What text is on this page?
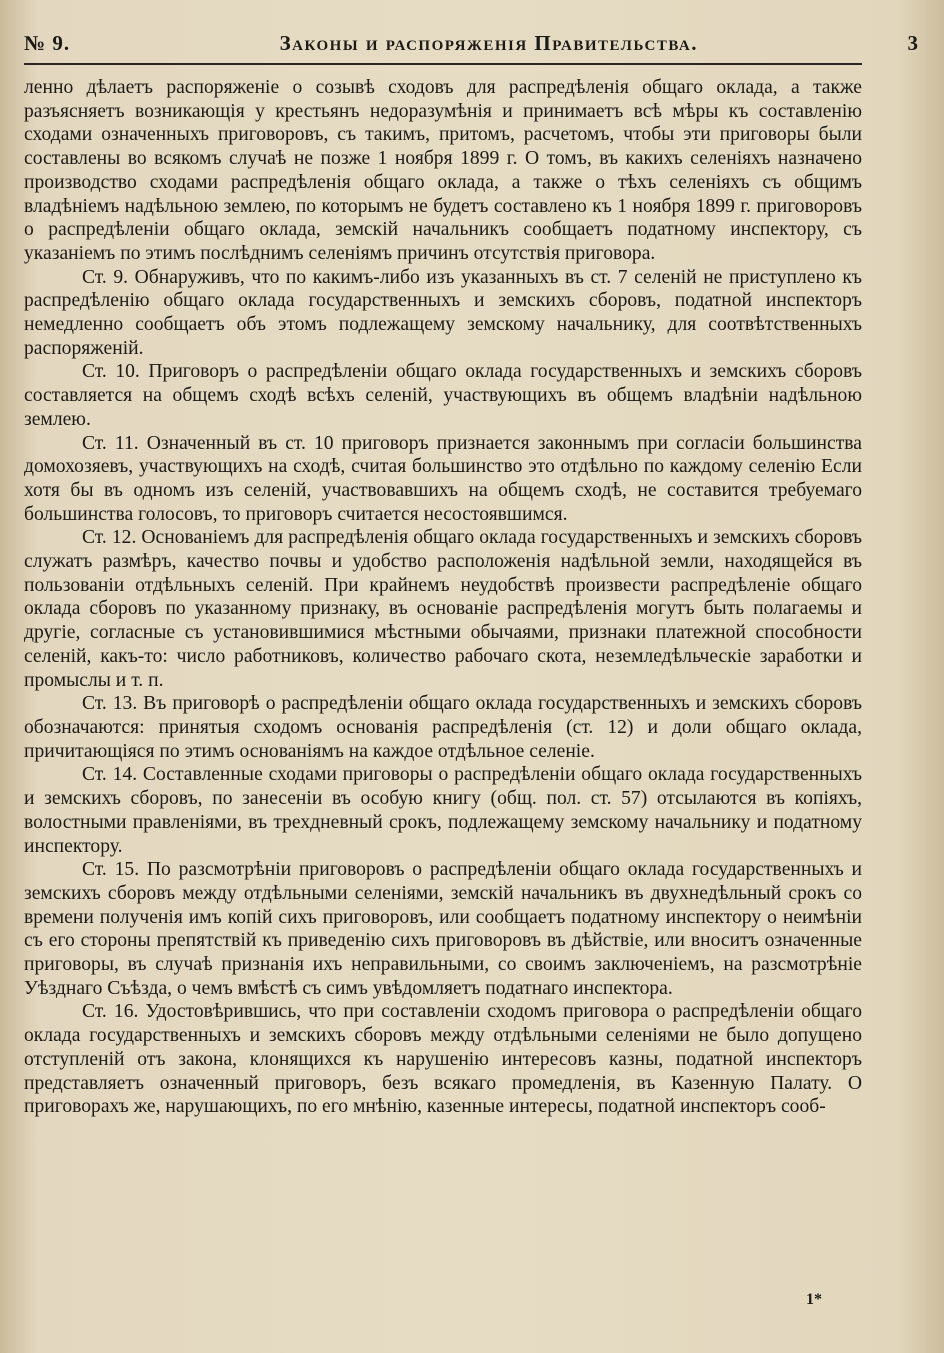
№ 9.	Законы и распоряженія Правительства.	3

ленно дѣлаетъ распоряженіе о созывѣ сходовъ для распредѣленія общаго оклада, а также разъясняетъ возникающія у крестьянъ недоразумѣнія и принимаетъ всѣ мѣры къ составленію сходами означенныхъ приговоровъ, съ такимъ, притомъ, расчетомъ, чтобы эти приговоры были составлены во всякомъ случаѣ не позже 1 ноября 1899 г. О томъ, въ какихъ селеніяхъ назначено производство сходами распредѣленія общаго оклада, а также о тѣхъ селеніяхъ съ общимъ владѣніемъ надѣльною землею, по которымъ не будетъ составлено къ 1 ноября 1899 г. приговоровъ о распредѣленіи общаго оклада, земскій начальникъ сообщаетъ податному инспектору, съ указаніемъ по этимъ послѣднимъ селеніямъ причинъ отсутствія приговора.

Ст. 9. Обнаруживъ, что по какимъ-либо изъ указанныхъ въ ст. 7 селеній не приступлено къ распредѣленію общаго оклада государственныхъ и земскихъ сборовъ, податной инспекторъ немедленно сообщаетъ объ этомъ подлежащему земскому начальнику, для соотвѣтственныхъ распоряженій.

Ст. 10. Приговоръ о распредѣленіи общаго оклада государственныхъ и земскихъ сборовъ составляется на общемъ сходѣ всѣхъ селеній, участвующихъ въ общемъ владѣніи надѣльною землею.

Ст. 11. Означенный въ ст. 10 приговоръ признается законнымъ при согласіи большинства домохозяевъ, участвующихъ на сходѣ, считая большинство это отдѣльно по каждому селенію Если хотя бы въ одномъ изъ селеній, участвовавшихъ на общемъ сходѣ, не составится требуемаго большинства голосовъ, то приговоръ считается несостоявшимся.

Ст. 12. Основаніемъ для распредѣленія общаго оклада государственныхъ и земскихъ сборовъ служатъ размѣръ, качество почвы и удобство расположенія надѣльной земли, находящейся въ пользованіи отдѣльныхъ селеній. При крайнемъ неудобствѣ произвести распредѣленіе общаго оклада сборовъ по указанному признаку, въ основаніе распредѣленія могутъ быть полагаемы и другіе, согласные съ установившимися мѣстными обычаями, признаки платежной способности селеній, какъ-то: число работниковъ, количество рабочаго скота, неземледѣльческіе заработки и промыслы и т. п.

Ст. 13. Въ приговорѣ о распредѣленіи общаго оклада государственныхъ и земскихъ сборовъ обозначаются: принятыя сходомъ основанія распредѣленія (ст. 12) и доли общаго оклада, причитающіяся по этимъ основаніямъ на каждое отдѣльное селеніе.

Ст. 14. Составленные сходами приговоры о распредѣленіи общаго оклада государственныхъ и земскихъ сборовъ, по занесеніи въ особую книгу (общ. пол. ст. 57) отсылаются въ копіяхъ, волостными правленіями, въ трехдневный срокъ, подлежащему земскому начальнику и податному инспектору.

Ст. 15. По разсмотрѣніи приговоровъ о распредѣленіи общаго оклада государственныхъ и земскихъ сборовъ между отдѣльными селеніями, земскій начальникъ въ двухнедѣльный срокъ со времени полученія имъ копій сихъ приговоровъ, или сообщаетъ податному инспектору о неимѣніи съ его стороны препятствій къ приведенію сихъ приговоровъ въ дѣйствіе, или вноситъ означенные приговоры, въ случаѣ признанія ихъ неправильными, со своимъ заключеніемъ, на разсмотрѣніе Уѣзднаго Съѣзда, о чемъ вмѣстѣ съ симъ увѣдомляетъ податнаго инспектора.

Ст. 16. Удостовѣрившись, что при составленіи сходомъ приговора о распредѣленіи общаго оклада государственныхъ и земскихъ сборовъ между отдѣльными селеніями не было допущено отступленій отъ закона, клонящихся къ нарушенію интересовъ казны, податной инспекторъ представляетъ означенный приговоръ, безъ всякаго промедленія, въ Казенную Палату. О приговорахъ же, нарушающихъ, по его мнѣнію, казенные интересы, податной инспекторъ сооб-

1*
